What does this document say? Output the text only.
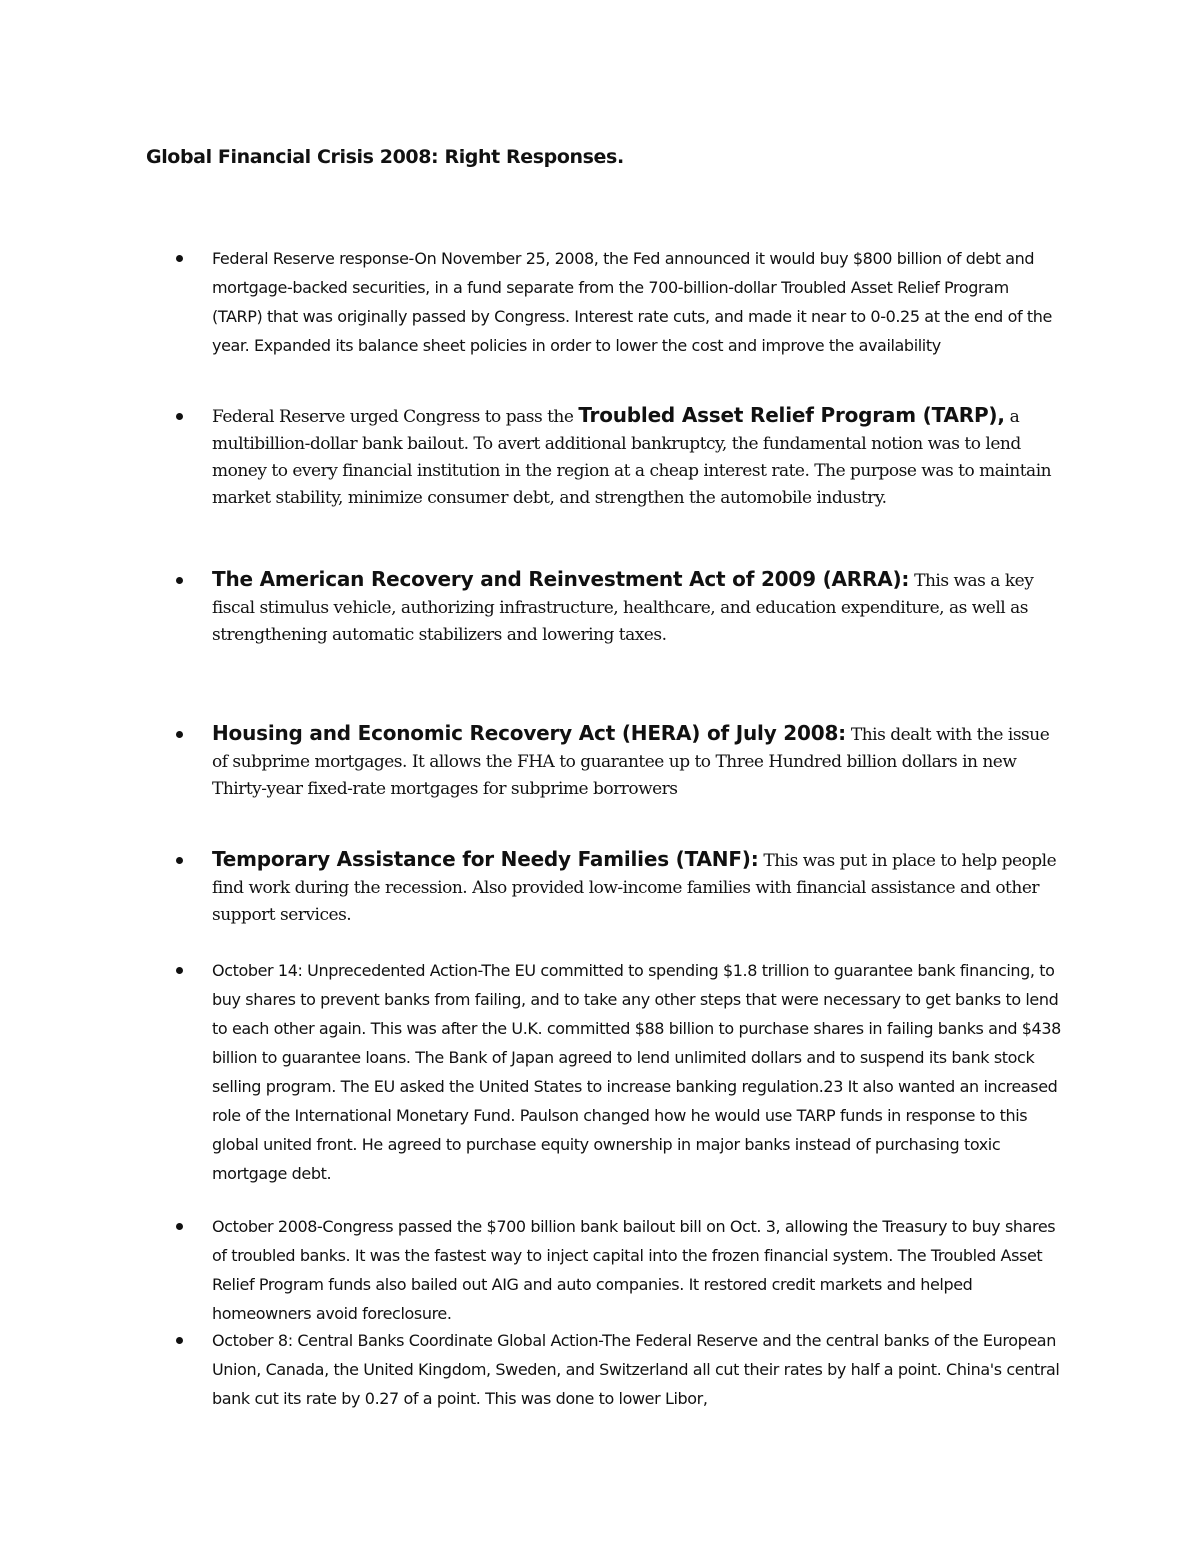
Global Financial Crisis 2008: Right Responses.
Federal Reserve response-On November 25, 2008, the Fed announced it would buy $800 billion of debt and mortgage-backed securities, in a fund separate from the 700-billion-dollar Troubled Asset Relief Program (TARP) that was originally passed by Congress. Interest rate cuts, and made it near to 0-0.25 at the end of the year. Expanded its balance sheet policies in order to lower the cost and improve the availability
Federal Reserve urged Congress to pass the Troubled Asset Relief Program (TARP), a multibillion-dollar bank bailout. To avert additional bankruptcy, the fundamental notion was to lend money to every financial institution in the region at a cheap interest rate. The purpose was to maintain market stability, minimize consumer debt, and strengthen the automobile industry.
The American Recovery and Reinvestment Act of 2009 (ARRA): This was a key fiscal stimulus vehicle, authorizing infrastructure, healthcare, and education expenditure, as well as strengthening automatic stabilizers and lowering taxes.
Housing and Economic Recovery Act (HERA) of July 2008: This dealt with the issue of subprime mortgages. It allows the FHA to guarantee up to Three Hundred billion dollars in new Thirty-year fixed-rate mortgages for subprime borrowers
Temporary Assistance for Needy Families (TANF): This was put in place to help people find work during the recession. Also provided low-income families with financial assistance and other support services.
October 14: Unprecedented Action-The EU committed to spending $1.8 trillion to guarantee bank financing, to buy shares to prevent banks from failing, and to take any other steps that were necessary to get banks to lend to each other again. This was after the U.K. committed $88 billion to purchase shares in failing banks and $438 billion to guarantee loans. The Bank of Japan agreed to lend unlimited dollars and to suspend its bank stock selling program. The EU asked the United States to increase banking regulation.23 It also wanted an increased role of the International Monetary Fund. Paulson changed how he would use TARP funds in response to this global united front. He agreed to purchase equity ownership in major banks instead of purchasing toxic mortgage debt.
October 2008-Congress passed the $700 billion bank bailout bill on Oct. 3, allowing the Treasury to buy shares of troubled banks. It was the fastest way to inject capital into the frozen financial system. The Troubled Asset Relief Program funds also bailed out AIG and auto companies. It restored credit markets and helped homeowners avoid foreclosure.
October 8: Central Banks Coordinate Global Action-The Federal Reserve and the central banks of the European Union, Canada, the United Kingdom, Sweden, and Switzerland all cut their rates by half a point. China's central bank cut its rate by 0.27 of a point. This was done to lower Libor,
